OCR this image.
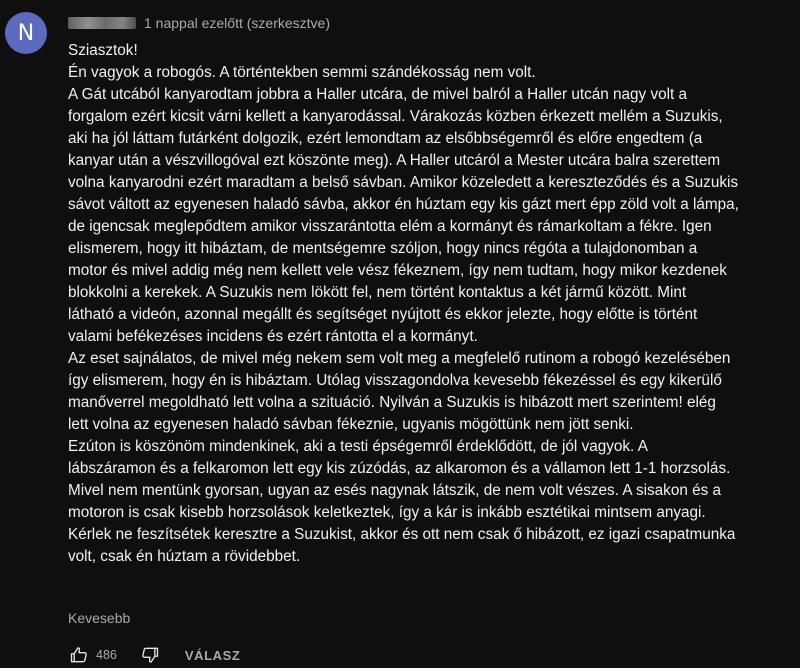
N	1 nappal ezelőtt (szerkesztve)

Sziasztok!

Én vagyok a robogós. A történtekben semmi szándékosság nem volt.

A Gát utcából kanyarodtam jobbra a Haller utcára, de mivel balról a Haller utcán nagy volt a

forgalom ezért kicsit várni kellett a kanyarodással. Várakozás közben érkezett mellém a Suzukis,

aki ha jól láttam futárként dolgozik, ezért lemondtam az elsőbbségemről és előre engedtem (a

kanyar után a vészvillogóval ezt köszönte meg). A Haller utcáról a Mester utcára balra szerettem

volna kanyarodni ezért maradtam a belső sávban. Amikor közeledett a kereszteződés és a Suzukis

sávot váltott az egyenesen haladó sávba, akkor én húztam egy kis gázt mert épp zöld volt a lámpa,

de igencsak meglepődtem amikor visszarántotta elém a kormányt és rámarkoltam a fékre. Igen

elismerem, hogy itt hibáztam, de mentségemre szóljon, hogy nincs régóta a tulajdonomban a

motor és mivel addig még nem kellett vele vész fékeznem, így nem tudtam, hogy mikor kezdenek

blokkolni a kerekek. A Suzukis nem lökött fel, nem történt kontaktus a két jármű között. Mint

látható a videón, azonnal megállt és segítséget nyújtott és ekkor jelezte, hogy előtte is történt

valami befékezéses incidens és ezért rántotta el a kormányt.

Az eset sajnálatos, de mivel még nekem sem volt meg a megfelelő rutinom a robogó kezelésében

így elismerem, hogy én is hibáztam. Utólag visszagondolva kevesebb fékezéssel és egy kikerülő

manőverrel megoldható lett volna a szituáció. Nyilván a Suzukis is hibázott mert szerintem! elég

lett volna az egyenesen haladó sávban fékeznie, ugyanis mögöttünk nem jött senki.

Ezúton is köszönöm mindenkinek, aki a testi épségemről érdeklődött, de jól vagyok. A

lábszáramon és a felkaromon lett egy kis zúzódás, az alkaromon és a vállamon lett 1-1 horzsolás.

Mivel nem mentünk gyorsan, ugyan az esés nagynak látszik, de nem volt vészes. A sisakon és a

motoron is csak kisebb horzsolások keletkeztek, így a kár is inkább esztétikai mintsem anyagi.

Kérlek ne feszítsétek keresztre a Suzukist, akkor és ott nem csak ő hibázott, ez igazi csapatmunka

volt, csak én húztam a rövidebbet.

Kevesebb
486	VÁLASZ
